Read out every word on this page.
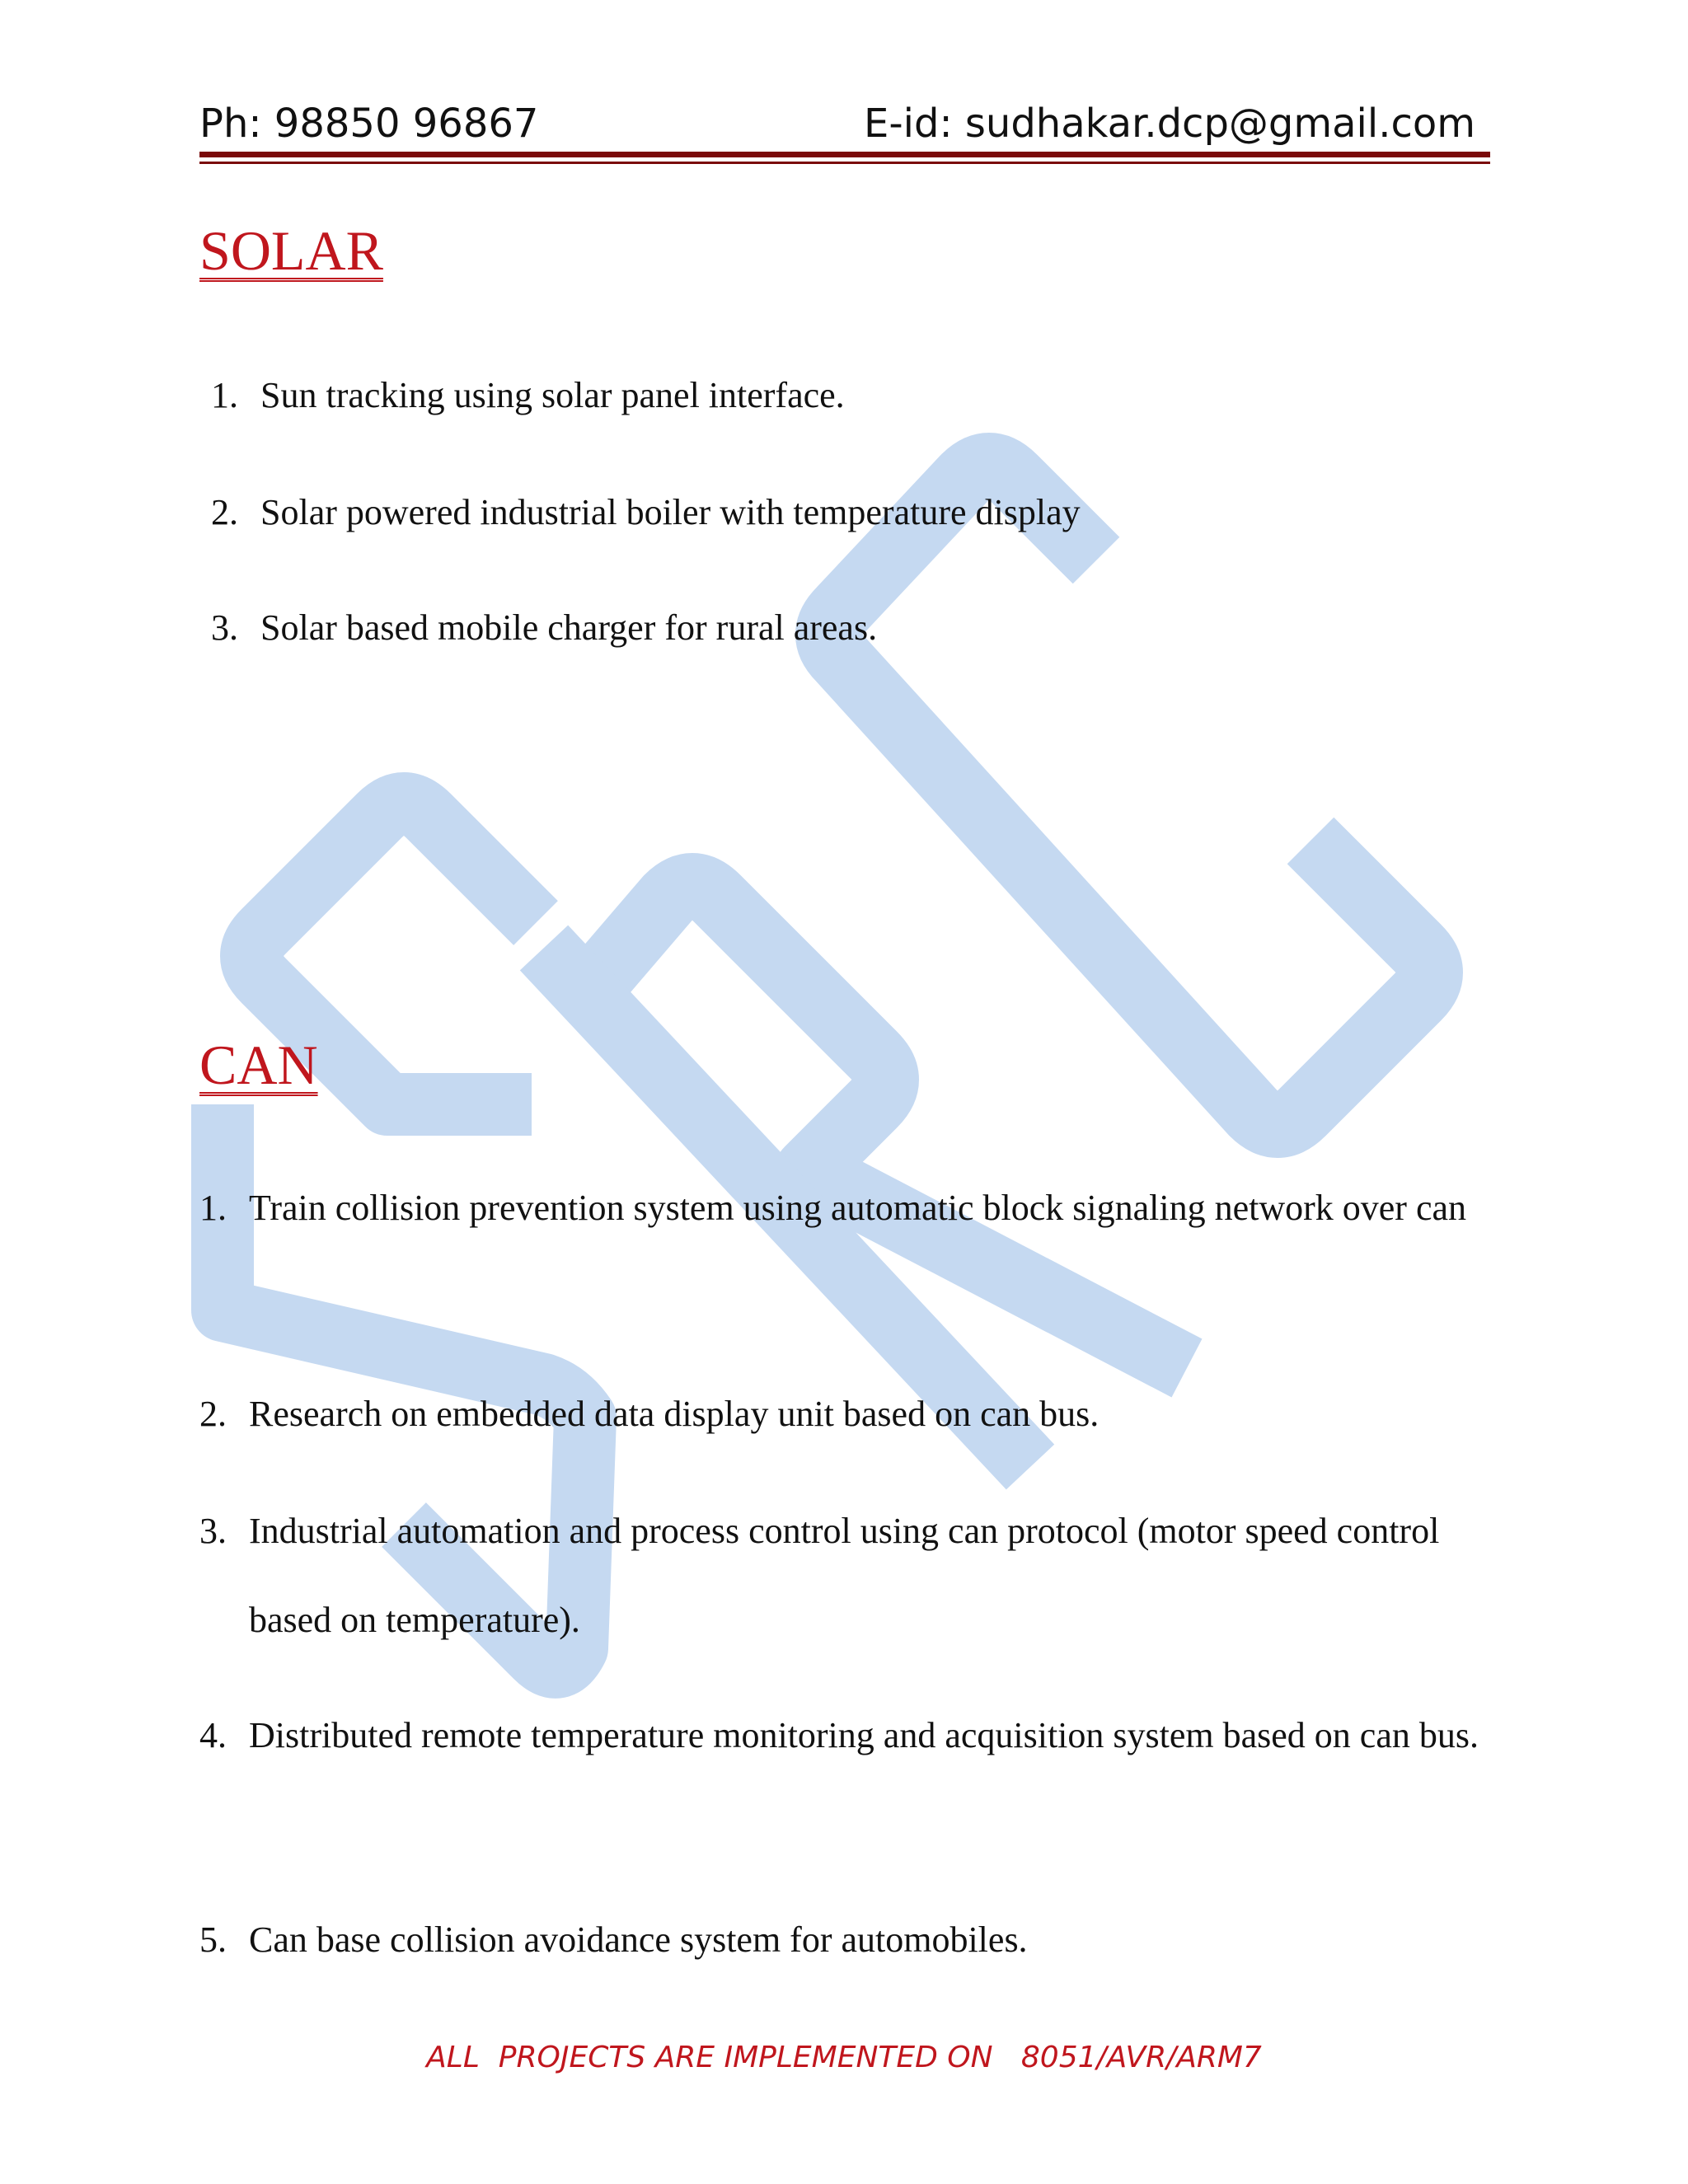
Ph: 98850 96867	E-id: sudhakar.dcp@gmail.com
SOLAR

1. Sun tracking using solar panel interface.

2. Solar powered industrial boiler with temperature display

3. Solar based mobile charger for rural areas.

CAN

1. Train collision prevention system using automatic block signaling network over can

2. Research on embedded data display unit based on can bus.

3. Industrial automation and process control using can protocol (motor speed control based on temperature).

4. Distributed remote temperature monitoring and acquisition system based on can bus.

5. Can base collision avoidance system for automobiles.

ALL  PROJECTS ARE IMPLEMENTED ON   8051/AVR/ARM7
